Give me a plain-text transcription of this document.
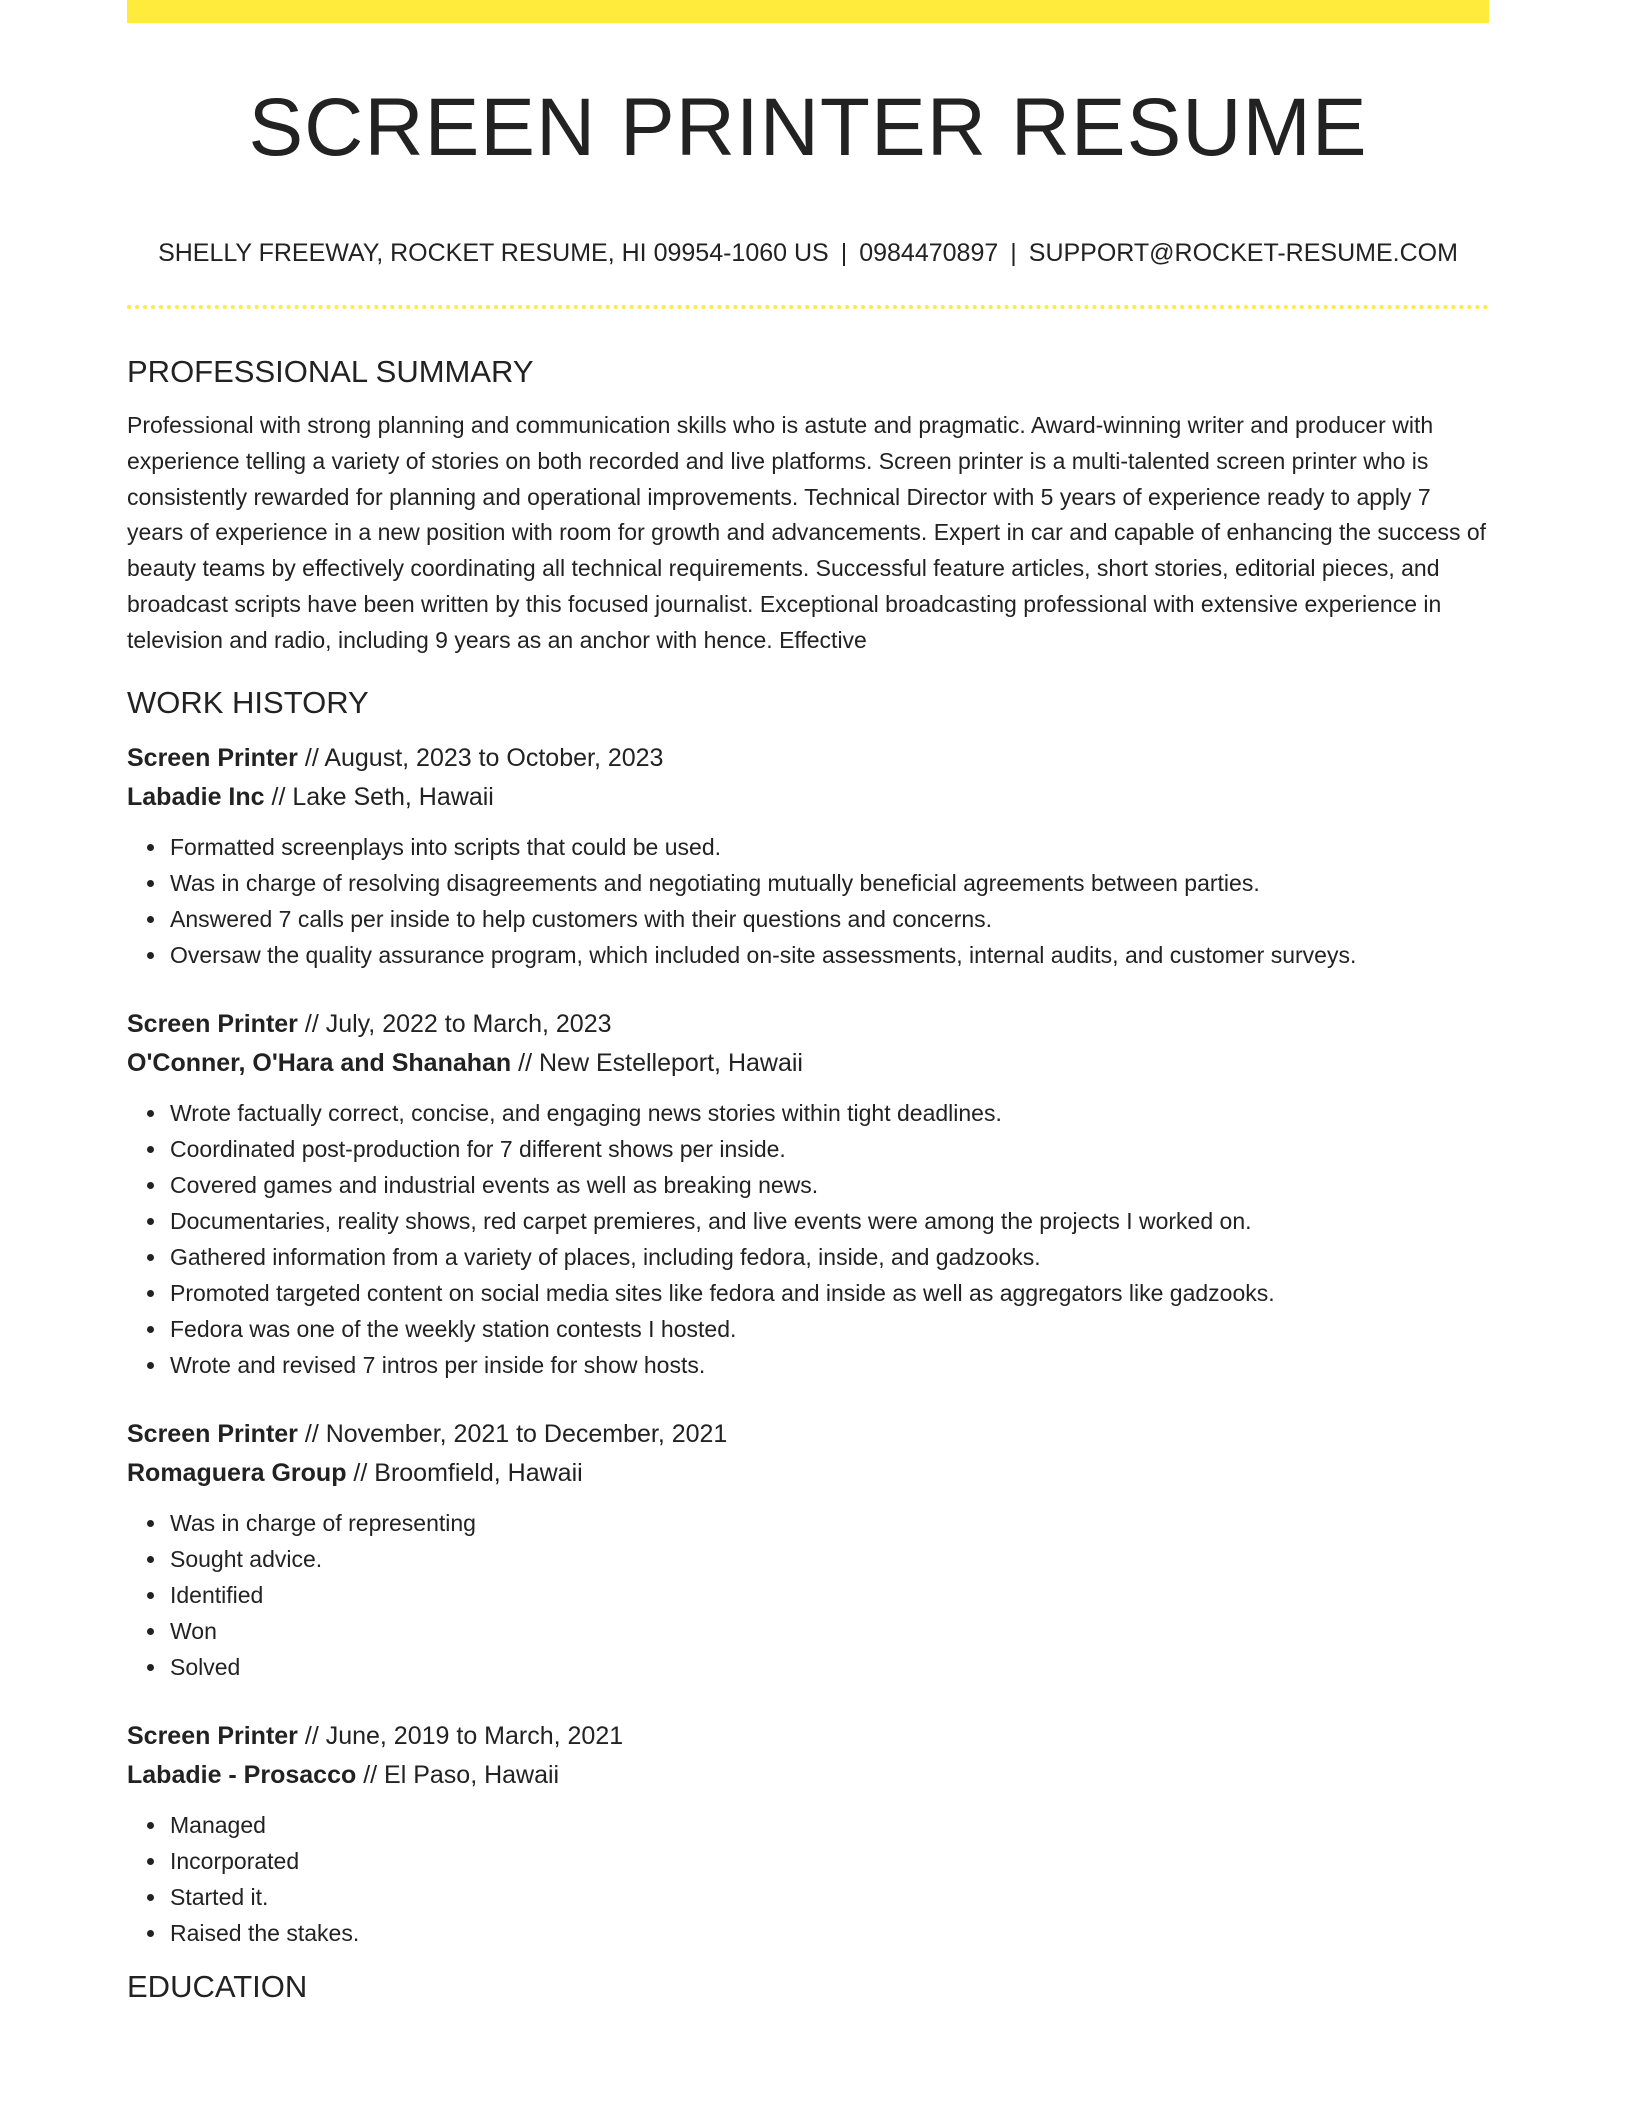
SCREEN PRINTER RESUME
SHELLY FREEWAY, ROCKET RESUME, HI 09954-1060 US | 0984470897 | SUPPORT@ROCKET-RESUME.COM
PROFESSIONAL SUMMARY

Professional with strong planning and communication skills who is astute and pragmatic. Award-winning writer and producer with experience telling a variety of stories on both recorded and live platforms. Screen printer is a multi-talented screen printer who is consistently rewarded for planning and operational improvements. Technical Director with 5 years of experience ready to apply 7 years of experience in a new position with room for growth and advancements. Expert in car and capable of enhancing the success of beauty teams by effectively coordinating all technical requirements. Successful feature articles, short stories, editorial pieces, and broadcast scripts have been written by this focused journalist. Exceptional broadcasting professional with extensive experience in television and radio, including 9 years as an anchor with hence. Effective

WORK HISTORY
Screen Printer // August, 2023 to October, 2023
Labadie Inc // Lake Seth, Hawaii
Formatted screenplays into scripts that could be used.
Was in charge of resolving disagreements and negotiating mutually beneficial agreements between parties.
Answered 7 calls per inside to help customers with their questions and concerns.
Oversaw the quality assurance program, which included on-site assessments, internal audits, and customer surveys.
Screen Printer // July, 2022 to March, 2023
O'Conner, O'Hara and Shanahan // New Estelleport, Hawaii
Wrote factually correct, concise, and engaging news stories within tight deadlines.
Coordinated post-production for 7 different shows per inside.
Covered games and industrial events as well as breaking news.
Documentaries, reality shows, red carpet premieres, and live events were among the projects I worked on.
Gathered information from a variety of places, including fedora, inside, and gadzooks.
Promoted targeted content on social media sites like fedora and inside as well as aggregators like gadzooks.
Fedora was one of the weekly station contests I hosted.
Wrote and revised 7 intros per inside for show hosts.
Screen Printer // November, 2021 to December, 2021
Romaguera Group // Broomfield, Hawaii
Was in charge of representing
Sought advice.
Identified
Won
Solved
Screen Printer // June, 2019 to March, 2021
Labadie - Prosacco // El Paso, Hawaii
Managed
Incorporated
Started it.
Raised the stakes.
EDUCATION
